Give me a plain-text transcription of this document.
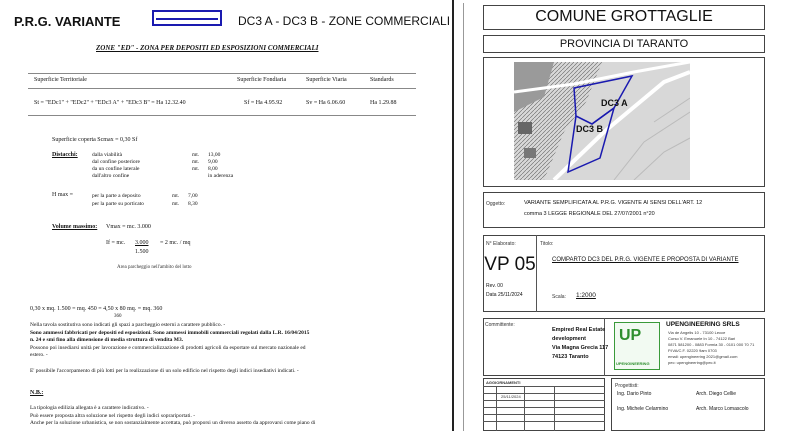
P.R.G. VARIANTE	DC3 A - DC3 B - ZONE COMMERCIALI
ZONE "ED" - ZONA PER DEPOSITI ED ESPOSIZIONI COMMERCIALI
Superficie Territoriale	Superficie Fondiaria	Superficie Viaria	Standards
St = "EDc1" + "EDc2" + "EDc3 A" + "EDc3 B" = Ha 12.32.40	Sf = Ha 4.95.92	Sv = Ha 6.06.60	Ha 1.29.88
Superficie coperta Scmax = 0,30 Sf
Distacchi:	dalla viabilità	mt. 13,00
dal confine posteriore	mt. 9,00
da un confine laterale	mt. 8,00
dall'altro confine	in aderenza
H max =	per la parte a deposito	mt. 7,00
per la parte su porticato	mt. 8,30
Volume massimo: Vmax = mc. 3.000
If = mc. 3.000
1.500
= 2 mc. / mq
Area parcheggio nell'ambito del lotto
0,30 x mq. 1.500 = mq. 450 = 4,50 x 80 mq. = mq. 360
360
Nella tavola sostitutiva sono indicati gli spazi a parcheggio esterni a carattere pubblico. -
Sono ammessi fabbricati per depositi ed esposizioni. Sono ammessi immobili commerciali regolati dalla L.R. 16/04/2015
n. 24 e smi fino alla dimensione di media struttura di vendita M3.
Possono poi insediarsi unità per lavorazione e commercializzazione di prodotti agricoli da esportare sul mercato nazionale ed
estero. -
E' possibile l'accorpamento di più lotti per la realizzazione di un solo edificio nel rispetto degli indici insediativi indicati. -
N.B.:
La tipologia edilizia allegata è a carattere indicativo. -
Può essere proposta altra soluzione nel rispetto degli indici soprariportati. -
Anche per la soluzione urbanistica, se non sostanzialmente accettata, può proporsi un diverso assetto da approvarsi come piano di
COMUNE GROTTAGLIE
PROVINCIA DI TARANTO
DC3 A
DC3 B
Oggetto:	VARIANTE SEMPLIFICATA AL P.R.G. VIGENTE AI SENSI DELL'ART. 12
comma 3 LEGGE REGIONALE DEL 27/07/2001 n°20
N° Elaborato:
VP 05
Rev. 00
Data 25/11/2024
Titolo:
COMPARTO DC3 DEL P.R.G. VIGENTE E PROPOSTA DI VARIANTE
Scala: 1:2000
Committente:
Empired Real Estate
development
Via Magna Grecia 117
74123 Taranto
UP
UPENGINEERING
UPENGINEERING SRLS
Via de Angelis 10 - 73100 Lecce
Corso V. Emanuele In 10 - 74122 Bari
0871 581200 - 0883 Formia 30 - 0101 000 70 71
P.IVA/C.F. 02220 9am 0703
email: upengineering 2021@gmail.com
pec: upengineering@pec.it
AGGIORNAMENTI
25/11/2024
Progettisti:
Ing. Dario Pinto	Arch. Diego Cellie
Ing. Michele Celarmino	Arch. Marco Lomascolo
